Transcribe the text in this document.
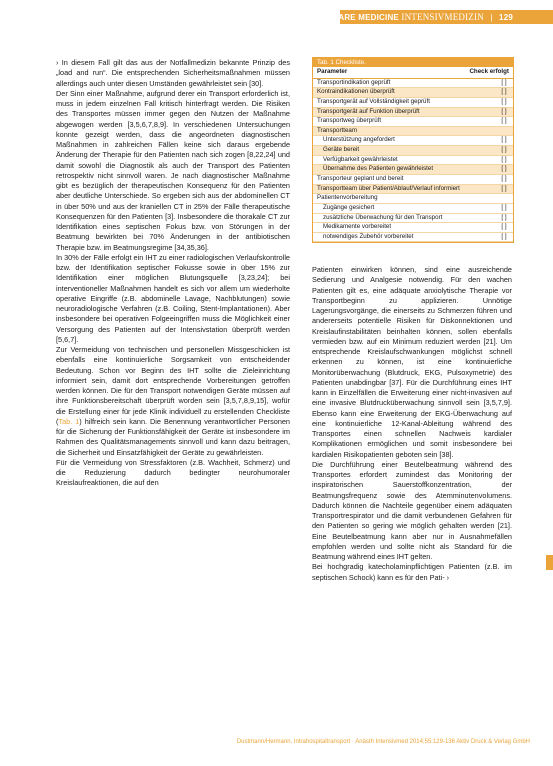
INTENSIVE CARE MEDICINE INTENSIVMEDIZIN | 129

› In diesem Fall gilt das aus der Notfallmedizin bekannte Prinzip des „load and run“. Die entsprechenden Sicherheitsmaßnahmen müssen allerdings auch unter diesen Umständen gewährleistet sein [30].

Der Sinn einer Maßnahme, aufgrund derer ein Transport erforderlich ist, muss in jedem einzelnen Fall kritisch hinterfragt werden. Die Risiken des Transportes müssen immer gegen den Nutzen der Maßnahme abgewogen werden [3,5,6,7,8,9]. In verschiedenen Untersuchungen konnte gezeigt werden, dass die angeordneten diagnostischen Maßnahmen in zahlreichen Fällen keine sich daraus ergebende Änderung der Therapie für den Patienten nach sich zogen [8,22,24] und damit sowohl die Diagnostik als auch der Transport des Patienten retrospektiv nicht sinnvoll waren. Je nach diagnostischer Maßnahme gibt es bezüglich der therapeutischen Konsequenz für den Patienten aber deutliche Unterschiede. So ergeben sich aus der abdominellen CT in über 50% und aus der kraniellen CT in 25% der Fälle therapeutische Konsequenzen für den Patienten [3]. Insbesondere die thorakale CT zur Identifikation eines septischen Fokus bzw. von Störungen in der Beatmung bewirkten bei 70% Änderungen in der antibiotischen Therapie bzw. im Beatmungsregime [34,35,36].

In 30% der Fälle erfolgt ein IHT zu einer radiologischen Verlaufskontrolle bzw. der Identifikation septischer Fokusse sowie in über 15% zur Identifikation einer möglichen Blutungsquelle [3,23,24]; bei interventioneller Maßnahmen handelt es sich vor allem um wiederholte operative Eingriffe (z.B. abdominelle Lavage, Nachblutungen) sowie neuroradiologische Verfahren (z.B. Coiling, Stent-Implantationen). Aber insbesondere bei operativen Folgeeingriffen muss die Möglichkeit einer Versorgung des Patienten auf der Intensivstation überprüft werden [5,6,7].

Zur Vermeidung von technischen und personellen Missgeschicken ist ebenfalls eine kontinuierliche Sorgsamkeit von entscheidender Bedeutung. Schon vor Beginn des IHT sollte die Zieleinrichtung informiert sein, damit dort entsprechende Vorbereitungen getroffen werden können. Die für den Transport notwendigen Geräte müssen auf ihre Funktionsbereitschaft überprüft worden sein [3,5,7,8,9,15], wofür die Erstellung einer für jede Klinik individuell zu erstellenden Checkliste (Tab. 1) hilfreich sein kann. Die Benennung verantwortlicher Personen für die Sicherung der Funktionsfähigkeit der Geräte ist insbesondere im Rahmen des Qualitätsmanagements sinnvoll und kann dazu beitragen, die Sicherheit und Einsatzfähigkeit der Geräte zu gewährleisten.

Für die Vermeidung von Stressfaktoren (z.B. Wachheit, Schmerz) und die Reduzierung dadurch bedingter neurohumoraler Kreislaufreaktionen, die auf den

Tab. 1 Checkliste.
Parameter	Check erfolgt
Transportindikation geprüft	[ ]
Kontraindikationen überprüft	[ ]
Transportgerät auf Vollständigkeit geprüft	[ ]
Transportgerät auf Funktion überprüft	[ ]
Transportweg überprüft	[ ]
Transportteam
Unterstützung angefordert	[ ]
Geräte bereit	[ ]
Verfügbarkeit gewährleistet	[ ]
Übernahme des Patienten gewährleistet	[ ]
Transporteur geplant und bereit	[ ]
Transportteam über Patient/Ablauf/Verlauf informiert	[ ]
Patientenvorbereitung
Zugänge gesichert	[ ]
zusätzliche Überwachung für den Transport	[ ]
Medikamente vorbereitet	[ ]
notwendiges Zubehör vorbereitet	[ ]

Patienten einwirken können, sind eine ausreichende Sedierung und Analgesie notwendig. Für den wachen Patienten gilt es, eine adäquate anxiolytische Therapie vor Transportbeginn zu applizieren. Unnötige Lagerungsvorgänge, die einerseits zu Schmerzen führen und andererseits potentielle Risiken für Diskonnektionen und Kreislaufinstabilitäten beinhalten können, sollen ebenfalls vermieden bzw. auf ein Minimum reduziert werden [21]. Um entsprechende Kreislaufschwankungen möglichst schnell erkennen zu können, ist eine kontinuierliche Monitorüberwachung (Blutdruck, EKG, Pulsoxymetrie) des Patienten unabdingbar [37]. Für die Durchführung eines IHT kann in Einzelfällen die Erweiterung einer nicht-invasiven auf eine invasive Blutdrucküberwachung sinnvoll sein [3,5,7,9]. Ebenso kann eine Erweiterung der EKG-Überwachung auf eine kontinuierliche 12-Kanal-Ableitung während des Transportes einen schnellen Nachweis kardialer Komplikationen ermöglichen und somit insbesondere bei kardialen Risikopatienten geboten sein [38].

Die Durchführung einer Beutelbeatmung während des Transportes erfordert zumindest das Monitoring der inspiratorischen Sauerstoffkonzentration, der Beatmungsfrequenz sowie des Atemminutenvolumens. Dadurch können die Nachteile gegenüber einem adäquaten Transportrespirator und die damit verbundenen Gefahren für den Patienten so gering wie möglich gehalten werden [21]. Eine Beutelbeatmung kann aber nur in Ausnahmefällen empfohlen werden und sollte nicht als Standard für die Beatmung während eines IHT gelten.

Bei hochgradig katecholaminpflichtigen Patienten (z.B. im septischen Schock) kann es für den Pati- ›

Dustmann/Hermann. Intrahospitaltransport · Anästh Intensivmed 2014;55:129-136 Aktiv Druck & Verlag GmbH
